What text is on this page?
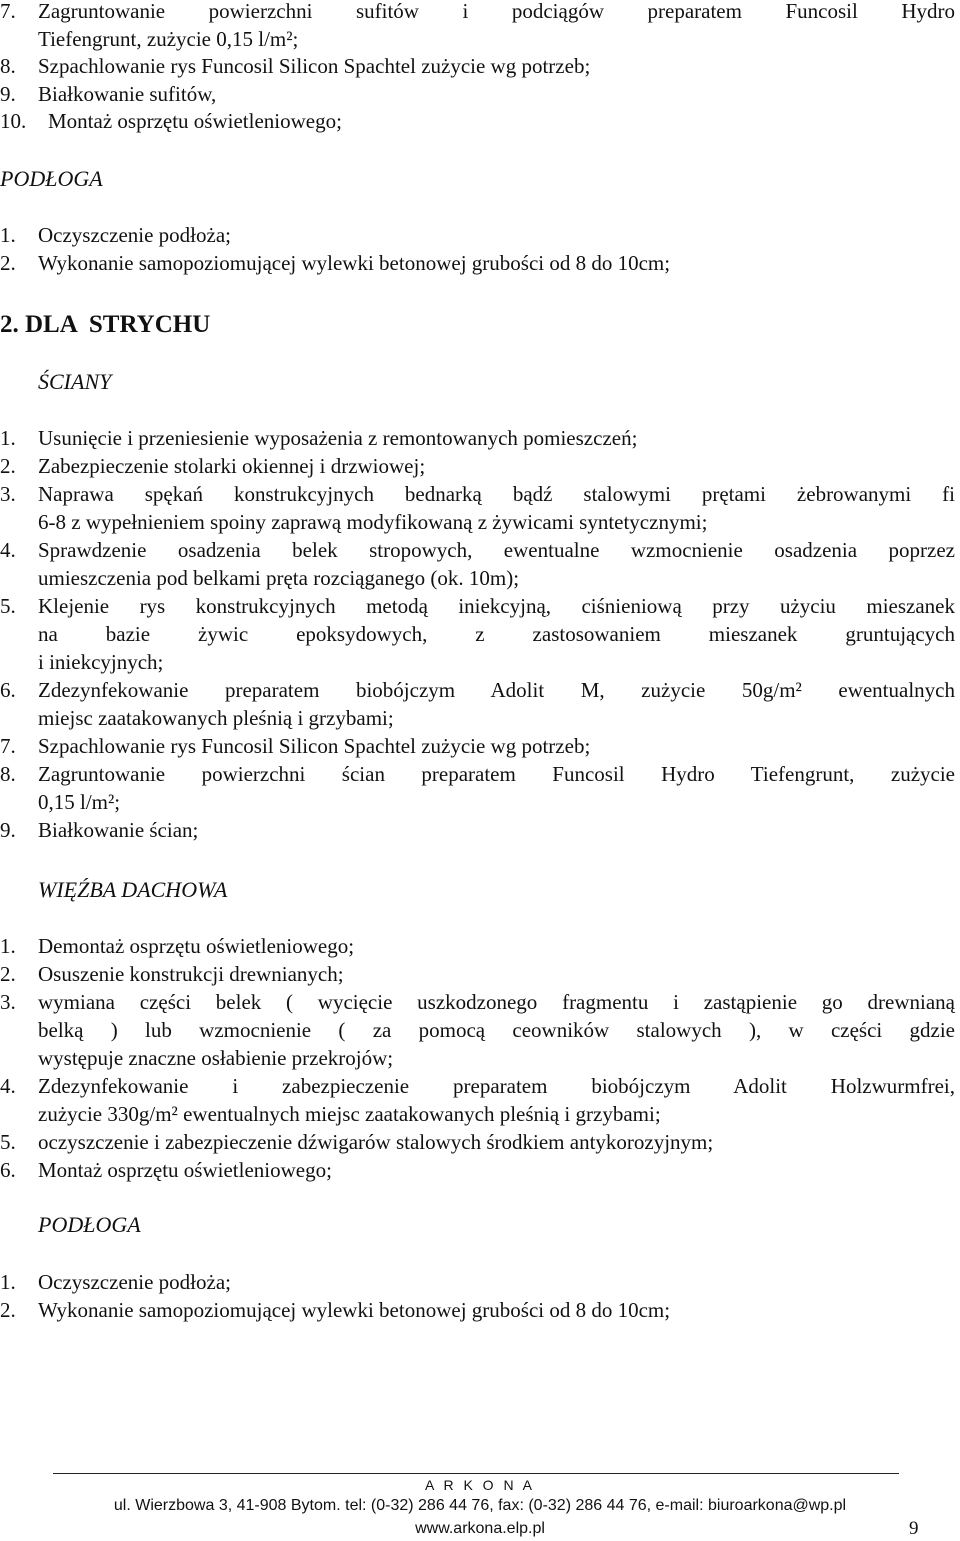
7.	Zagruntowanie powierzchni sufitów i podciągów preparatem Funcosil Hydro
Tiefengrunt, zużycie 0,15 l/m²;
8.	Szpachlowanie rys Funcosil Silicon Spachtel zużycie wg potrzeb;
9.	Białkowanie sufitów,
10.	Montaż osprzętu oświetleniowego;
PODŁOGA
1.	Oczyszczenie podłoża;
2.	Wykonanie samopoziomującej wylewki betonowej grubości od 8 do 10cm;
2. DLA  STRYCHU
ŚCIANY
1.	Usunięcie i przeniesienie wyposażenia z remontowanych pomieszczeń;
2.	Zabezpieczenie stolarki okiennej i drzwiowej;
3.	Naprawa spękań konstrukcyjnych bednarką bądź stalowymi prętami żebrowanymi fi
6-8 z wypełnieniem spoiny zaprawą modyfikowaną z żywicami syntetycznymi;
4.	Sprawdzenie osadzenia belek stropowych, ewentualne wzmocnienie osadzenia poprzez
umieszczenia pod belkami pręta rozciąganego (ok. 10m);
5.	Klejenie rys konstrukcyjnych metodą iniekcyjną, ciśnieniową przy użyciu mieszanek
na bazie żywic epoksydowych, z zastosowaniem mieszanek gruntujących
i iniekcyjnych;
6.	Zdezynfekowanie preparatem biobójczym Adolit M, zużycie 50g/m² ewentualnych
miejsc zaatakowanych pleśnią i grzybami;
7.	Szpachlowanie rys Funcosil Silicon Spachtel zużycie wg potrzeb;
8.	Zagruntowanie powierzchni ścian preparatem Funcosil Hydro Tiefengrunt, zużycie
0,15 l/m²;
9.	Białkowanie ścian;
WIĘŹBA DACHOWA
1.	Demontaż osprzętu oświetleniowego;
2.	Osuszenie konstrukcji drewnianych;
3.	wymiana części belek ( wycięcie uszkodzonego fragmentu i zastąpienie go drewnianą
belką ) lub wzmocnienie ( za pomocą ceowników stalowych ), w części gdzie
występuje znaczne osłabienie przekrojów;
4.	Zdezynfekowanie i zabezpieczenie preparatem biobójczym Adolit Holzwurmfrei,
zużycie 330g/m² ewentualnych miejsc zaatakowanych pleśnią i grzybami;
5.	oczyszczenie i zabezpieczenie dźwigarów stalowych środkiem antykorozyjnym;
6.	Montaż osprzętu oświetleniowego;
PODŁOGA
1.	Oczyszczenie podłoża;
2.	Wykonanie samopoziomującej wylewki betonowej grubości od 8 do 10cm;
A R K O N A
ul. Wierzbowa 3, 41-908 Bytom. tel: (0-32) 286 44 76, fax: (0-32) 286 44 76, e-mail: biuroarkona@wp.pl
www.arkona.elp.pl	9
